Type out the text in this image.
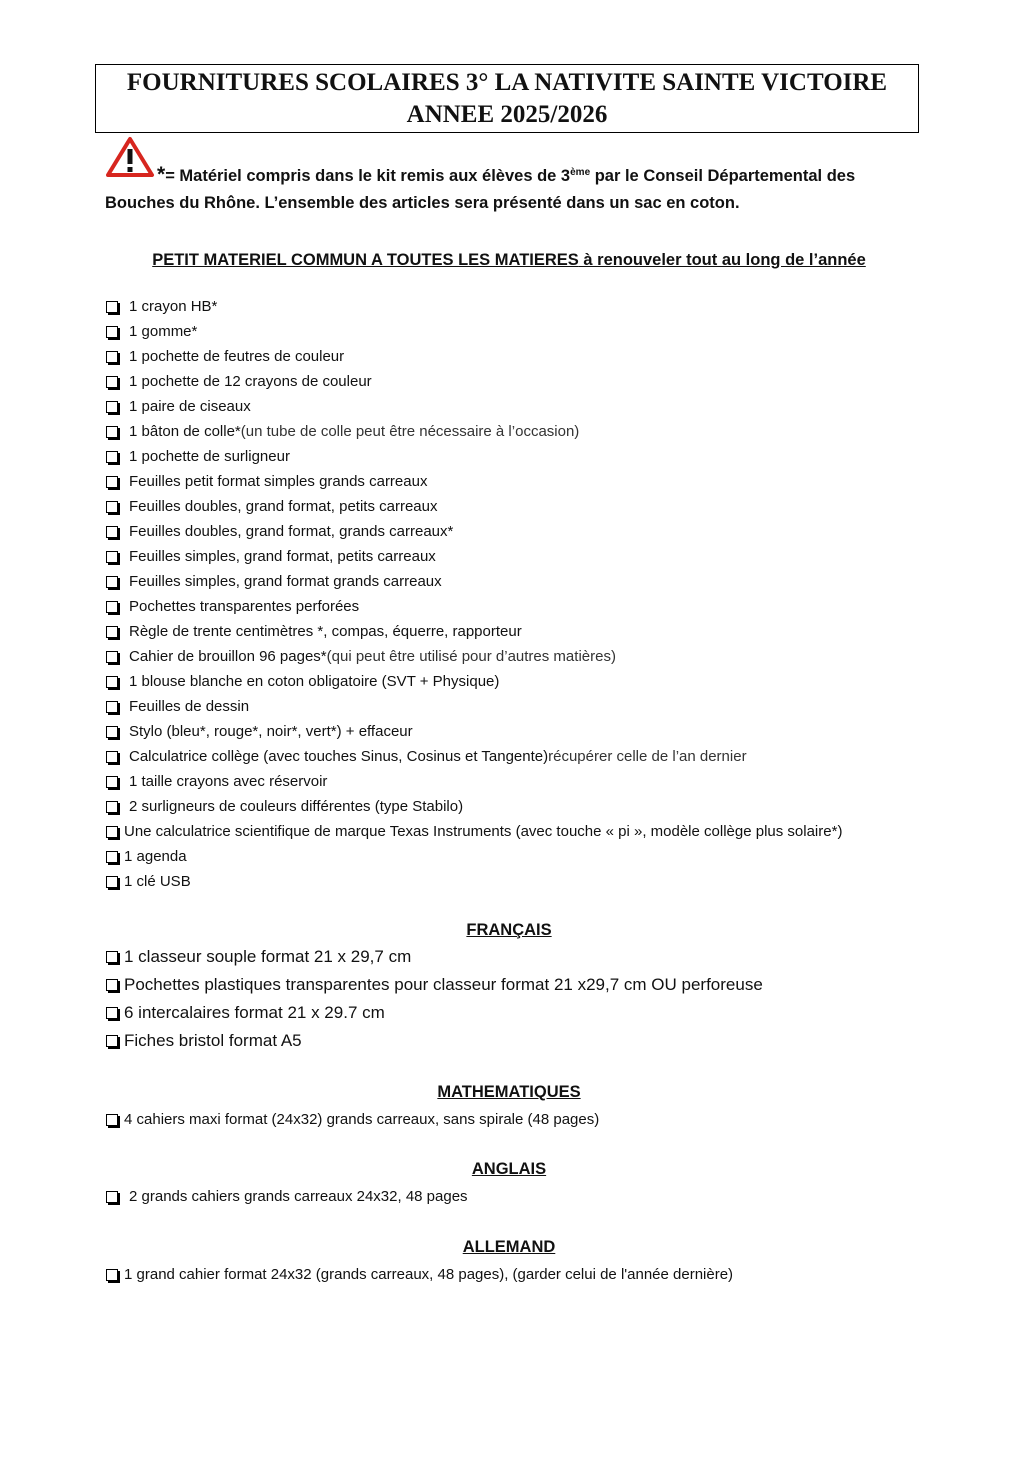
FOURNITURES SCOLAIRES 3° LA NATIVITE SAINTE VICTOIRE
ANNEE 2025/2026
*= Matériel compris dans le kit remis aux élèves de 3ème par le Conseil Départemental des
Bouches du Rhône. L’ensemble des articles sera présenté dans un sac en coton.
PETIT MATERIEL COMMUN A TOUTES LES MATIERES à renouveler tout au long de l’année
1 crayon HB*
1 gomme*
1 pochette de feutres de couleur
1 pochette de 12 crayons de couleur
1 paire de ciseaux
1 bâton de colle* (un tube de colle peut être nécessaire à l’occasion)
1 pochette de surligneur
Feuilles petit format simples grands carreaux
Feuilles doubles, grand format, petits carreaux
Feuilles doubles, grand format, grands carreaux*
Feuilles simples, grand format, petits carreaux
Feuilles simples, grand format grands carreaux
Pochettes transparentes perforées
Règle de trente centimètres *, compas, équerre, rapporteur
Cahier de brouillon 96 pages* (qui peut être utilisé pour d’autres matières)
1 blouse blanche en coton obligatoire (SVT + Physique)
Feuilles de dessin
Stylo (bleu*, rouge*, noir*, vert*) + effaceur
Calculatrice collège (avec touches Sinus, Cosinus et Tangente) récupérer celle de l’an dernier
1 taille crayons avec réservoir
2 surligneurs de couleurs différentes (type Stabilo)
Une calculatrice scientifique de marque Texas Instruments (avec touche « pi », modèle collège plus solaire*)
1 agenda
1 clé USB
FRANÇAIS
1 classeur souple format 21 x 29,7 cm
Pochettes plastiques transparentes pour classeur format 21 x29,7 cm OU perforeuse
6 intercalaires format 21 x 29.7 cm
Fiches bristol format A5
MATHEMATIQUES
4 cahiers maxi format (24x32) grands carreaux, sans spirale (48 pages)
ANGLAIS
2 grands cahiers grands carreaux 24x32, 48 pages
ALLEMAND
1 grand cahier format 24x32 (grands carreaux, 48 pages), (garder celui de l'année dernière)
